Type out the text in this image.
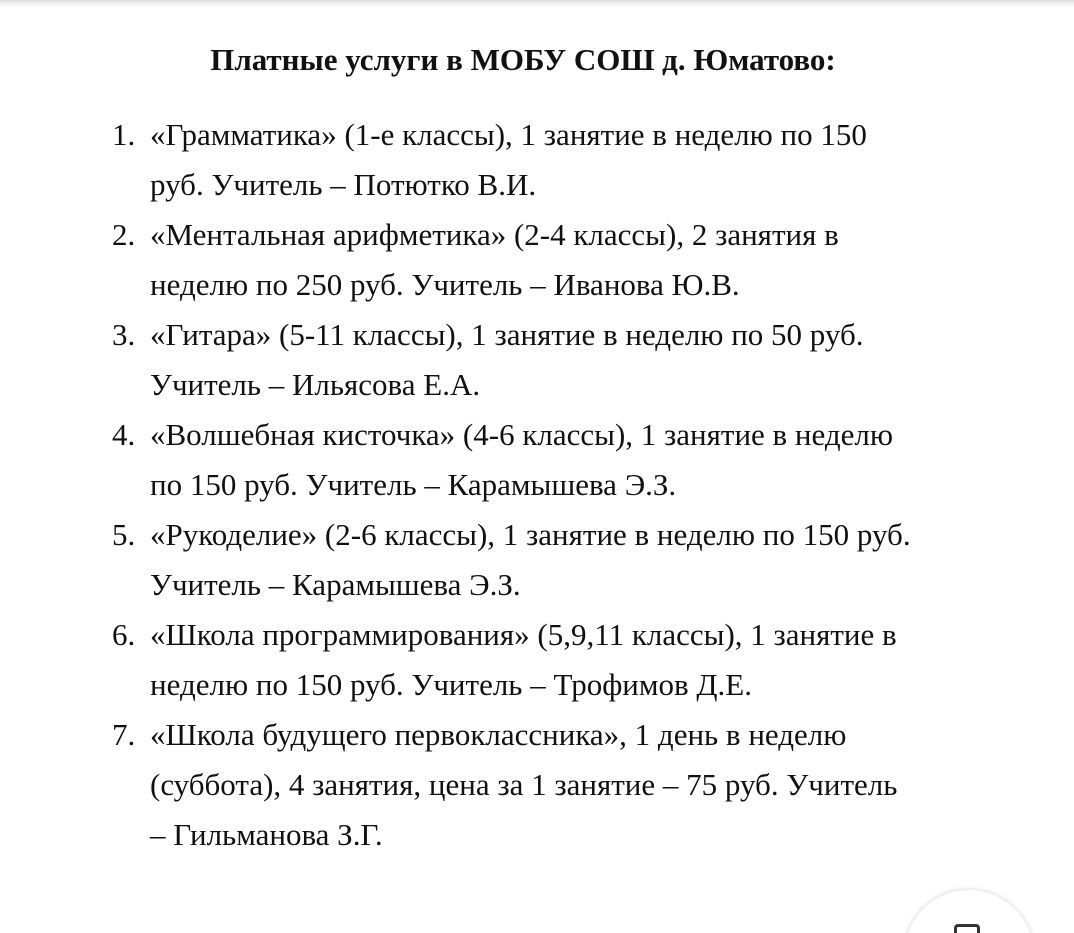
Платные услуги в МОБУ СОШ д. Юматово:
1. «Грамматика» (1-е классы), 1 занятие в неделю по 150
руб. Учитель – Потютко В.И.
2. «Ментальная арифметика» (2-4 классы), 2 занятия в
неделю по 250 руб. Учитель – Иванова Ю.В.
3. «Гитара» (5-11 классы), 1 занятие в неделю по 50 руб.
Учитель – Ильясова Е.А.
4. «Волшебная кисточка» (4-6 классы), 1 занятие в неделю
по 150 руб. Учитель – Карамышева Э.З.
5. «Рукоделие» (2-6 классы), 1 занятие в неделю по 150 руб.
Учитель – Карамышева Э.З.
6. «Школа программирования» (5,9,11 классы), 1 занятие в
неделю по 150 руб. Учитель – Трофимов Д.Е.
7. «Школа будущего первоклассника», 1 день в неделю
(суббота), 4 занятия, цена за 1 занятие – 75 руб. Учитель
– Гильманова З.Г.
